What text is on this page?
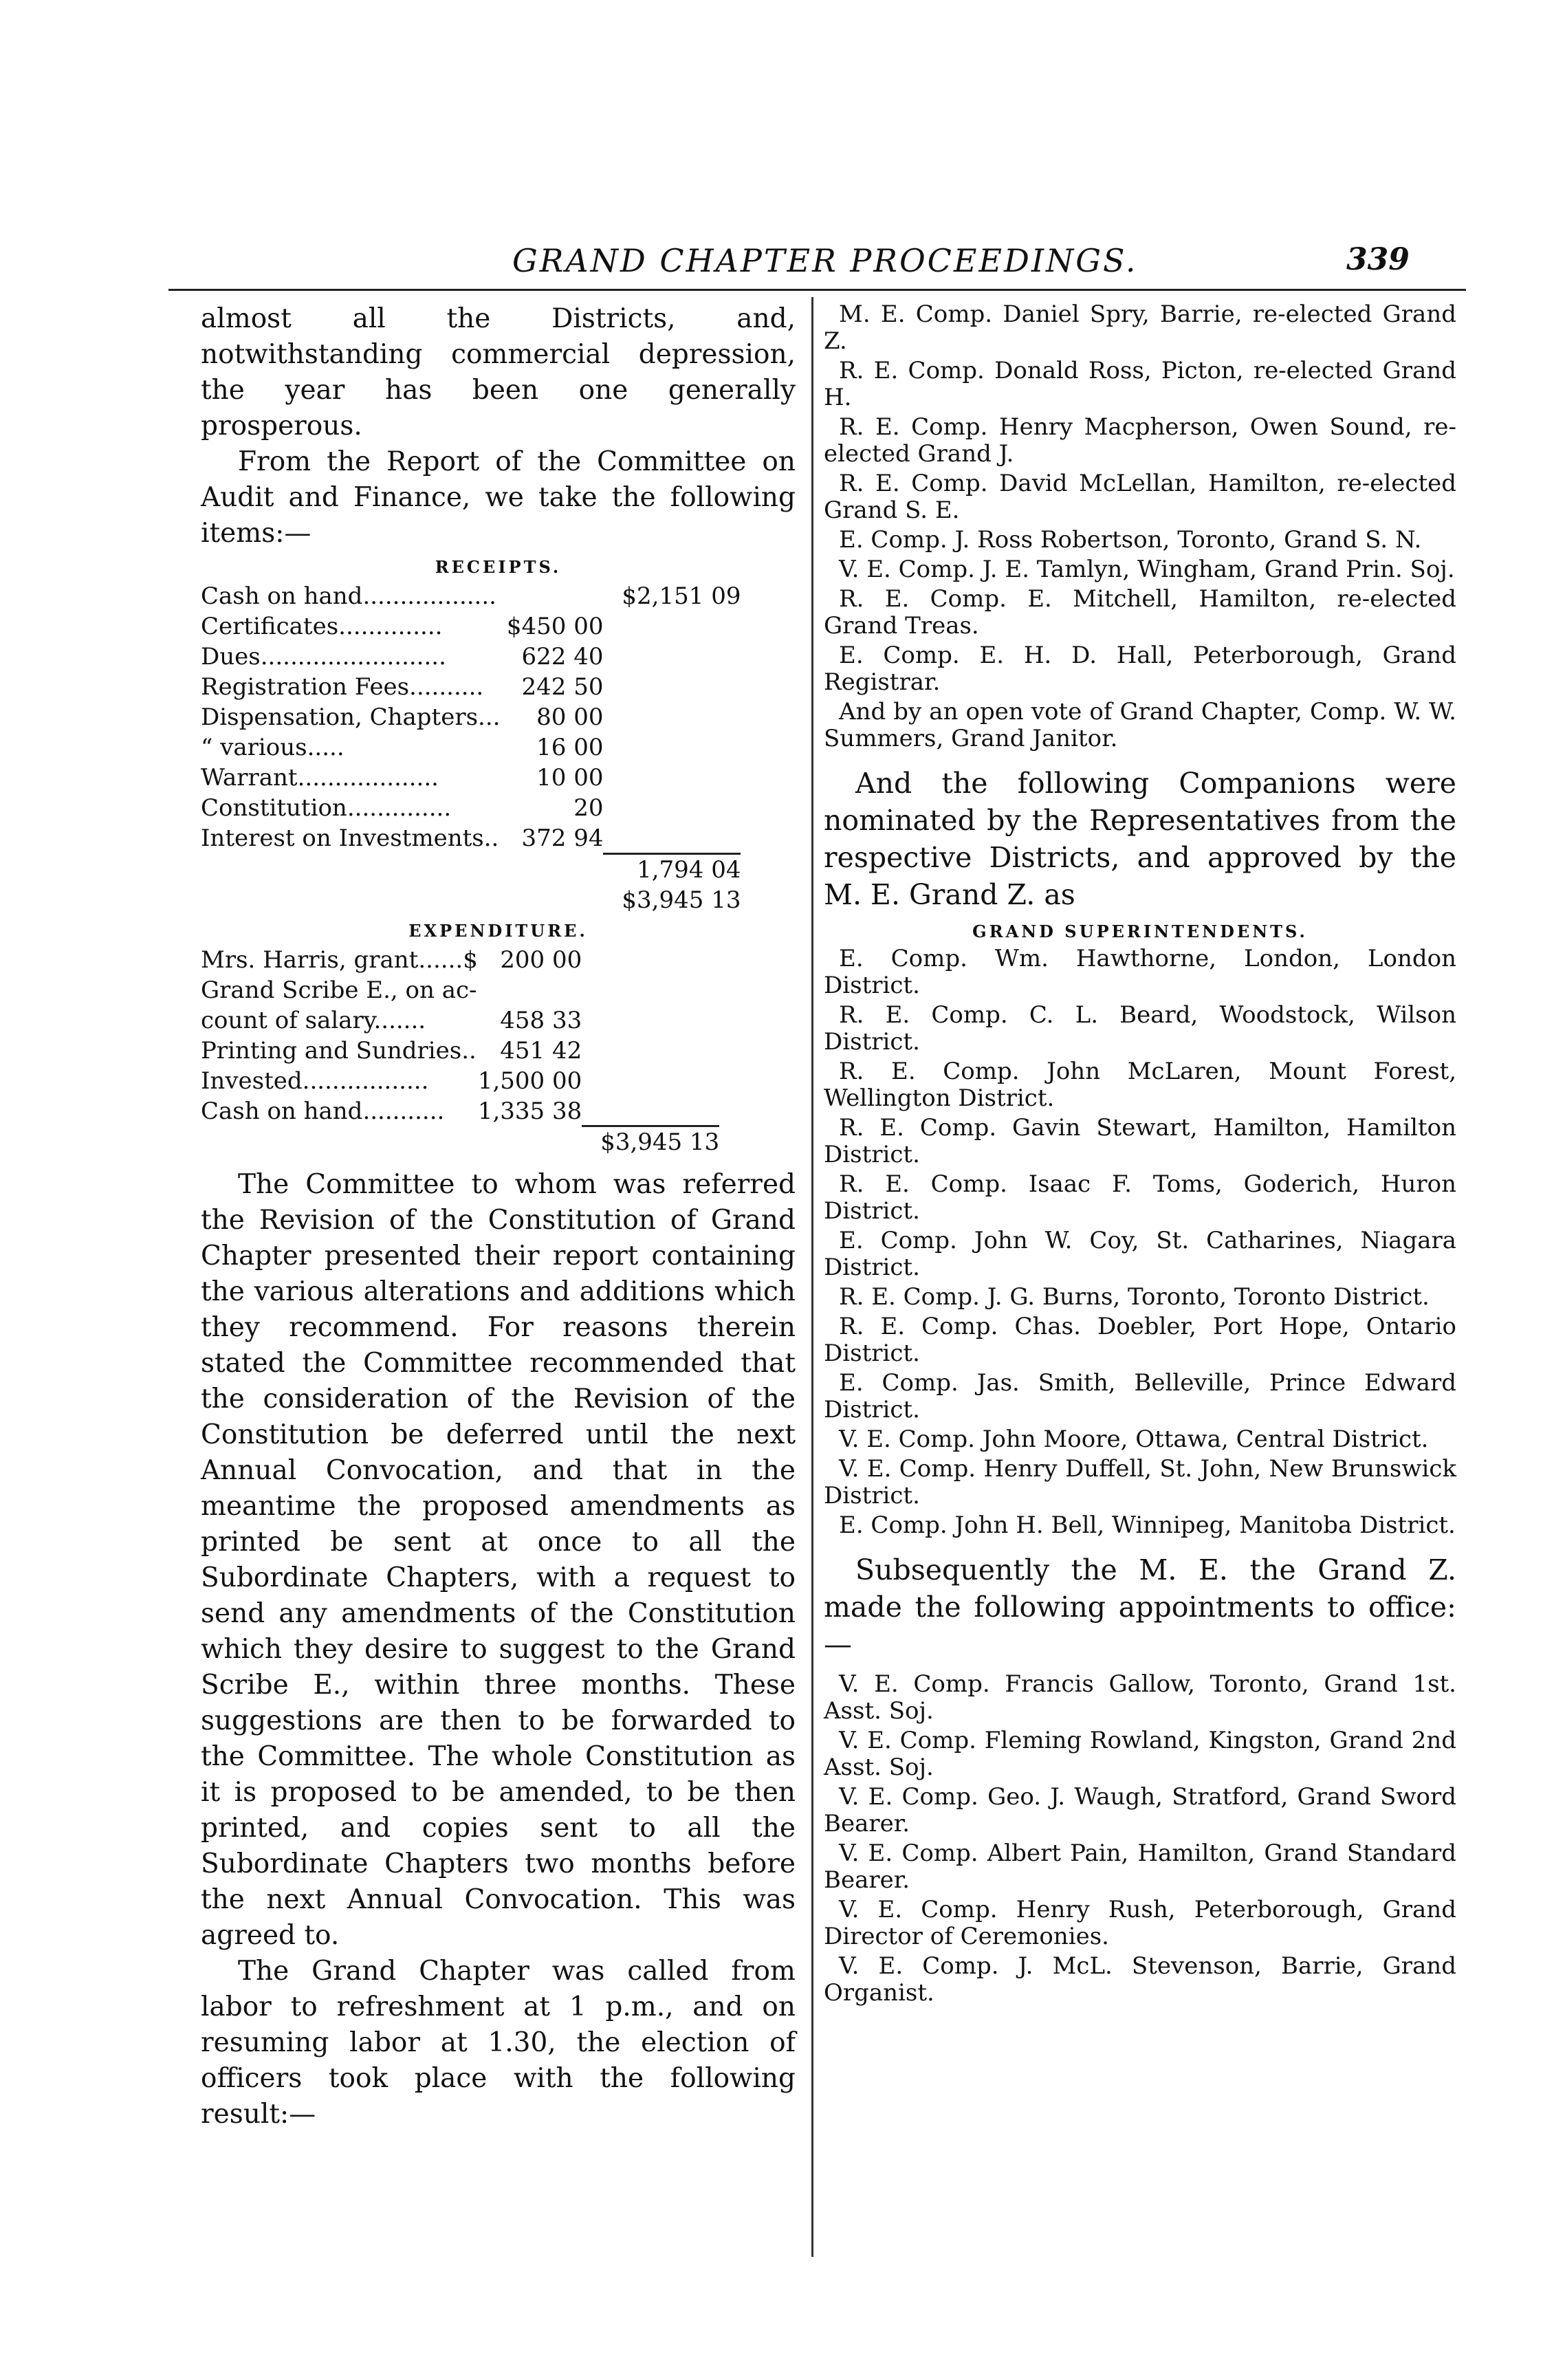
GRAND CHAPTER PROCEEDINGS.	339

almost all the Districts, and, notwithstanding commercial depression, the year has been one generally prosperous.

From the Report of the Committee on Audit and Finance, we take the following items:—

RECEIPTS.
Cash on hand..................		$2,151 09
Certificates..............	$450 00	
Dues.........................	622 40	
Registration Fees..........	242 50	
Dispensation, Chapters...	80 00	
“ various.....	16 00	
Warrant...................	10 00	
Constitution..............	20	
Interest on Investments..	372 94	
		1,794 04
		$3,945 13
EXPENDITURE.
Mrs. Harris, grant......$	200 00	
Grand Scribe E., on ac-		
count of salary.......	458 33	
Printing and Sundries..	451 42	
Invested.................	1,500 00	
Cash on hand...........	1,335 38	
		$3,945 13

The Committee to whom was referred the Revision of the Constitution of Grand Chapter presented their report containing the various alterations and additions which they recommend. For reasons therein stated the Committee recommended that the consideration of the Revision of the Constitution be deferred until the next Annual Convocation, and that in the meantime the proposed amendments as printed be sent at once to all the Subordinate Chapters, with a request to send any amendments of the Constitution which they desire to suggest to the Grand Scribe E., within three months. These suggestions are then to be forwarded to the Committee. The whole Constitution as it is proposed to be amended, to be then printed, and copies sent to all the Subordinate Chapters two months before the next Annual Convocation. This was agreed to.

The Grand Chapter was called from labor to refreshment at 1 p.m., and on resuming labor at 1.30, the election of officers took place with the following result:—

M. E. Comp. Daniel Spry, Barrie, re-elected Grand Z.

R. E. Comp. Donald Ross, Picton, re-elected Grand H.

R. E. Comp. Henry Macpherson, Owen Sound, re-elected Grand J.

R. E. Comp. David McLellan, Hamilton, re-elected Grand S. E.

E. Comp. J. Ross Robertson, Toronto, Grand S. N.

V. E. Comp. J. E. Tamlyn, Wingham, Grand Prin. Soj.

R. E. Comp. E. Mitchell, Hamilton, re-elected Grand Treas.

E. Comp. E. H. D. Hall, Peterborough, Grand Registrar.

And by an open vote of Grand Chapter, Comp. W. W. Summers, Grand Janitor.

And the following Companions were nominated by the Representatives from the respective Districts, and approved by the M. E. Grand Z. as

GRAND SUPERINTENDENTS.

E. Comp. Wm. Hawthorne, London, London District.

R. E. Comp. C. L. Beard, Woodstock, Wilson District.

R. E. Comp. John McLaren, Mount Forest, Wellington District.

R. E. Comp. Gavin Stewart, Hamilton, Hamilton District.

R. E. Comp. Isaac F. Toms, Goderich, Huron District.

E. Comp. John W. Coy, St. Catharines, Niagara District.

R. E. Comp. J. G. Burns, Toronto, Toronto District.

R. E. Comp. Chas. Doebler, Port Hope, Ontario District.

E. Comp. Jas. Smith, Belleville, Prince Edward District.

V. E. Comp. John Moore, Ottawa, Central District.

V. E. Comp. Henry Duffell, St. John, New Brunswick District.

E. Comp. John H. Bell, Winnipeg, Manitoba District.

Subsequently the M. E. the Grand Z. made the following appointments to office:—

V. E. Comp. Francis Gallow, Toronto, Grand 1st. Asst. Soj.

V. E. Comp. Fleming Rowland, Kingston, Grand 2nd Asst. Soj.

V. E. Comp. Geo. J. Waugh, Stratford, Grand Sword Bearer.

V. E. Comp. Albert Pain, Hamilton, Grand Standard Bearer.

V. E. Comp. Henry Rush, Peterborough, Grand Director of Ceremonies.

V. E. Comp. J. McL. Stevenson, Barrie, Grand Organist.
